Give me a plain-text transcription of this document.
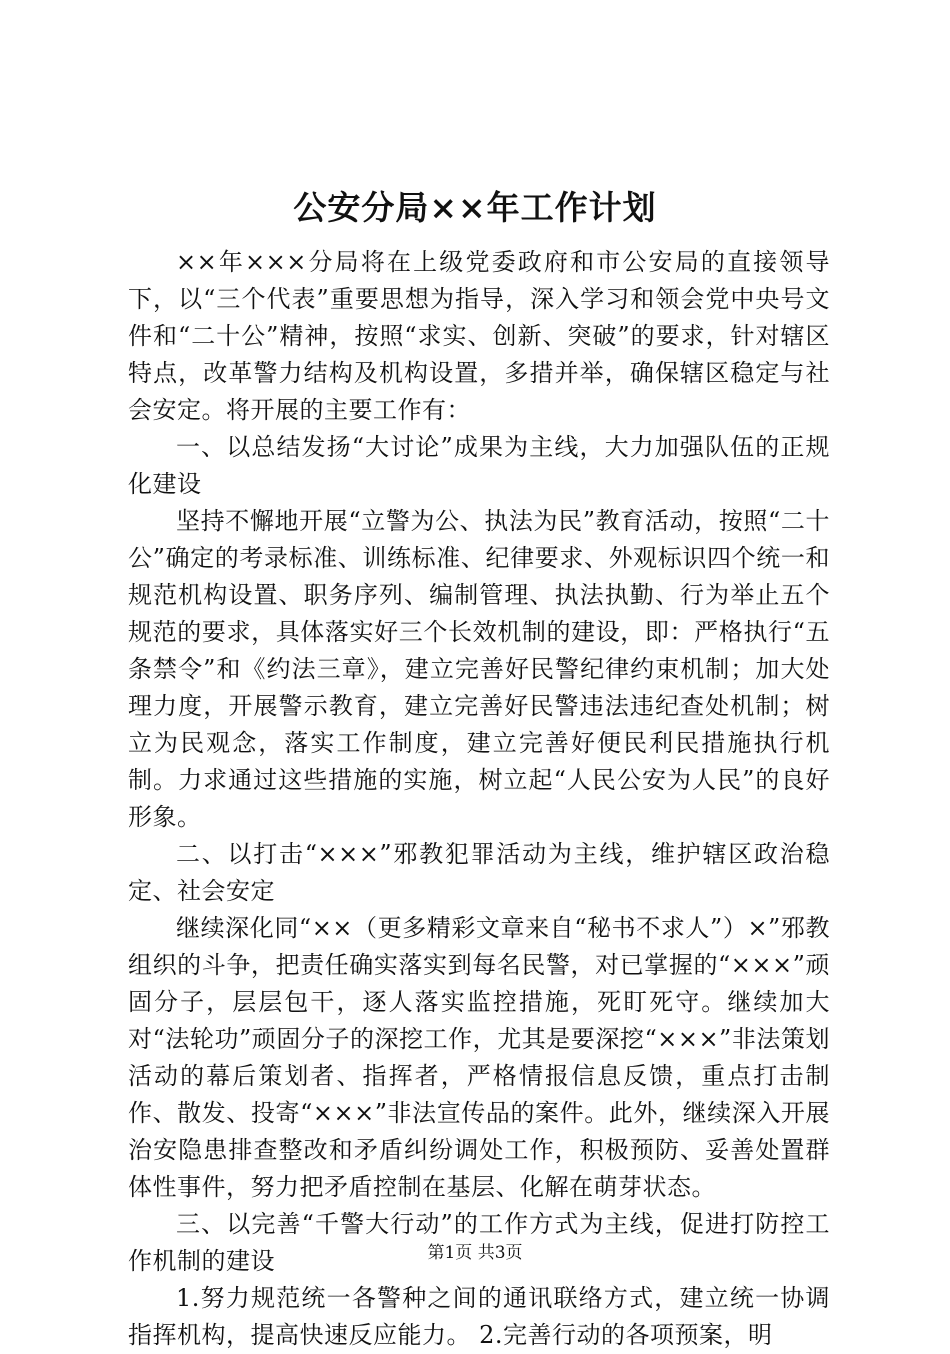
公安分局××年工作计划

××年×××分局将在上级党委政府和市公安局的直接领导下，以“三个代表”重要思想为指导，深入学习和领会党中央号文件和“二十公”精神，按照“求实、创新、突破”的要求，针对辖区特点，改革警力结构及机构设置，多措并举，确保辖区稳定与社会安定。将开展的主要工作有：

一、以总结发扬“大讨论”成果为主线，大力加强队伍的正规化建设

坚持不懈地开展“立警为公、执法为民”教育活动，按照“二十公”确定的考录标准、训练标准、纪律要求、外观标识四个统一和规范机构设置、职务序列、编制管理、执法执勤、行为举止五个规范的要求，具体落实好三个长效机制的建设，即：严格执行“五条禁令”和《约法三章》，建立完善好民警纪律约束机制；加大处理力度，开展警示教育，建立完善好民警违法违纪查处机制；树立为民观念，落实工作制度，建立完善好便民利民措施执行机制。力求通过这些措施的实施，树立起“人民公安为人民”的良好形象。

二、以打击“×××”邪教犯罪活动为主线，维护辖区政治稳定、社会安定

继续深化同“××（更多精彩文章来自“秘书不求人”）×”邪教组织的斗争，把责任确实落实到每名民警，对已掌握的“×××”顽固分子，层层包干，逐人落实监控措施，死盯死守。继续加大对“法轮功”顽固分子的深挖工作，尤其是要深挖“×××”非法策划活动的幕后策划者、指挥者，严格情报信息反馈，重点打击制作、散发、投寄“×××”非法宣传品的案件。此外，继续深入开展治安隐患排查整改和矛盾纠纷调处工作，积极预防、妥善处置群体性事件，努力把矛盾控制在基层、化解在萌芽状态。

三、以完善“千警大行动”的工作方式为主线，促进打防控工作机制的建设

1.努力规范统一各警种之间的通讯联络方式，建立统一协调指挥机构，提高快速反应能力。 2.完善行动的各项预案，明

第1页 共3页
